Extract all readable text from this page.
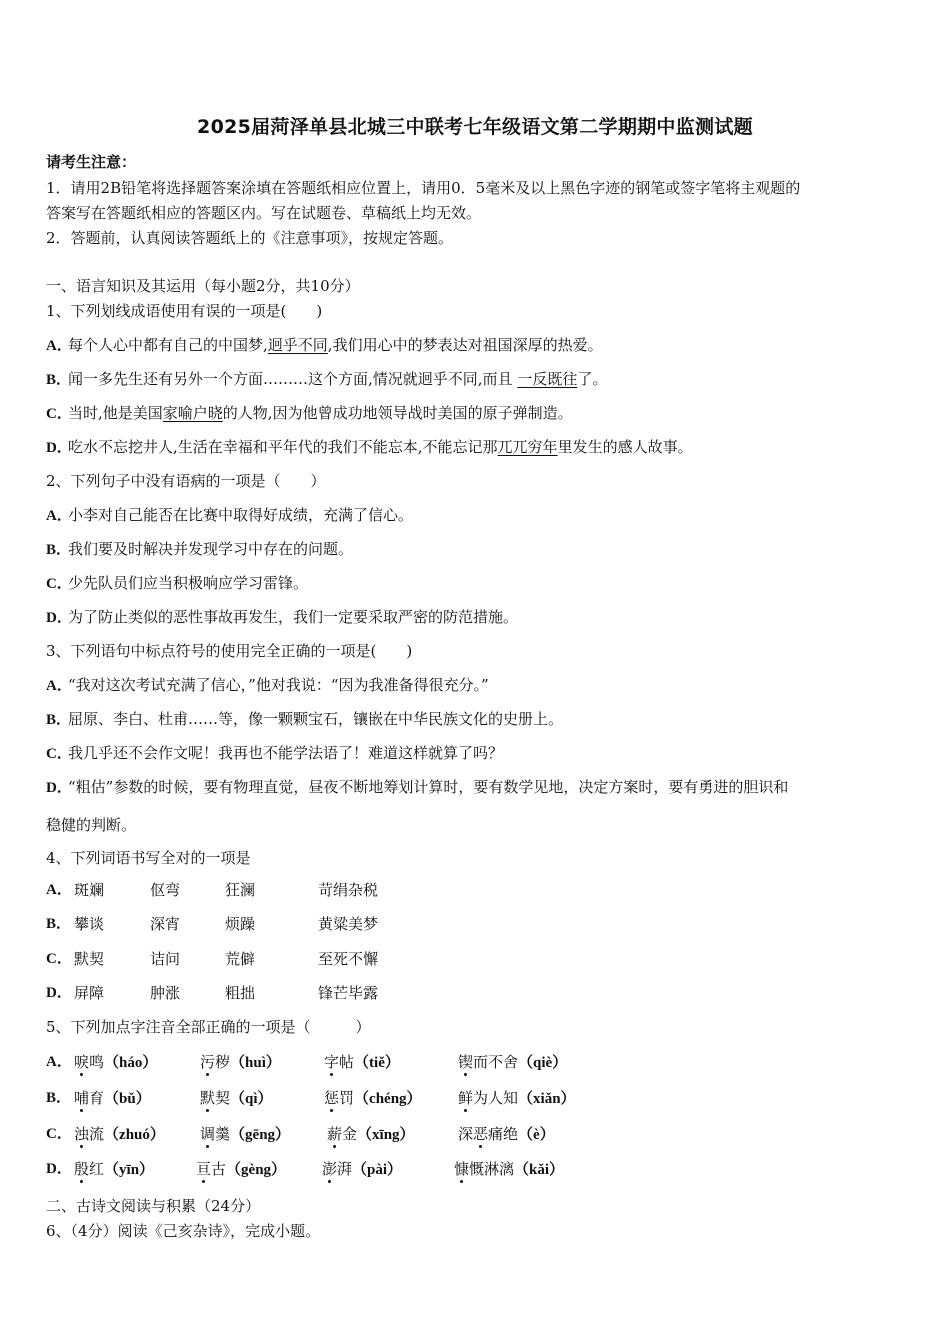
2025届菏泽单县北城三中联考七年级语文第二学期期中监测试题
请考生注意：
1．请用2B铅笔将选择题答案涂填在答题纸相应位置上，请用0．5毫米及以上黑色字迹的钢笔或签字笔将主观题的
答案写在答题纸相应的答题区内。写在试题卷、草稿纸上均无效。
2．答题前，认真阅读答题纸上的《注意事项》，按规定答题。
一、语言知识及其运用（每小题2分，共10分）
1、下列划线成语使用有误的一项是(　　)
A．每个人心中都有自己的中国梦,迥乎不同,我们用心中的梦表达对祖国深厚的热爱。
B．闻一多先生还有另外一个方面………这个方面,情况就迥乎不同,而且 一反既往了。
C．当时,他是美国家喻户晓的人物,因为他曾成功地领导战时美国的原子弹制造。
D．吃水不忘挖井人,生活在幸福和平年代的我们不能忘本,不能忘记那兀兀穷年里发生的感人故事。
2、下列句子中没有语病的一项是（　　）
A．小李对自己能否在比赛中取得好成绩，充满了信心。
B．我们要及时解决并发现学习中存在的问题。
C．少先队员们应当积极响应学习雷锋。
D．为了防止类似的恶性事故再发生，我们一定要采取严密的防范措施。
3、下列语句中标点符号的使用完全正确的一项是(　　)
A．“我对这次考试充满了信心，”他对我说：“因为我准备得很充分。”
B．屈原、李白、杜甫……等，像一颗颗宝石，镶嵌在中华民族文化的史册上。
C．我几乎还不会作文呢！我再也不能学法语了！难道这样就算了吗？
D．“粗估”参数的时候，要有物理直觉，昼夜不断地筹划计算时，要有数学见地，决定方案时，要有勇进的胆识和
稳健的判断。
4、下列词语书写全对的一项是
A． 斑斓	伛弯	狂澜	苛绢杂税
B． 攀谈	深宵	烦躁	黄粱美梦
C． 默契	诘问	荒僻	至死不懈
D． 屏障	肿涨	粗拙	锋芒毕露
5、下列加点字注音全部正确的一项是（　　　）
A． 唳鸣（háo）	污秽（huì）	字帖（tiě）	锲而不舍（qiè）
B． 哺育（bǔ）	默契（qì）	惩罚（chéng） 鲜为人知（xiǎn）
C． 浊流（zhuó） 调羹（gēng） 薪金（xīng）	深恶痛绝（è）
D． 殷红（yīn）	亘古（gèng） 澎湃（pài）	慷慨淋漓（kǎi）
二、古诗文阅读与积累（24分）
6、（4分）阅读《己亥杂诗》，完成小题。
